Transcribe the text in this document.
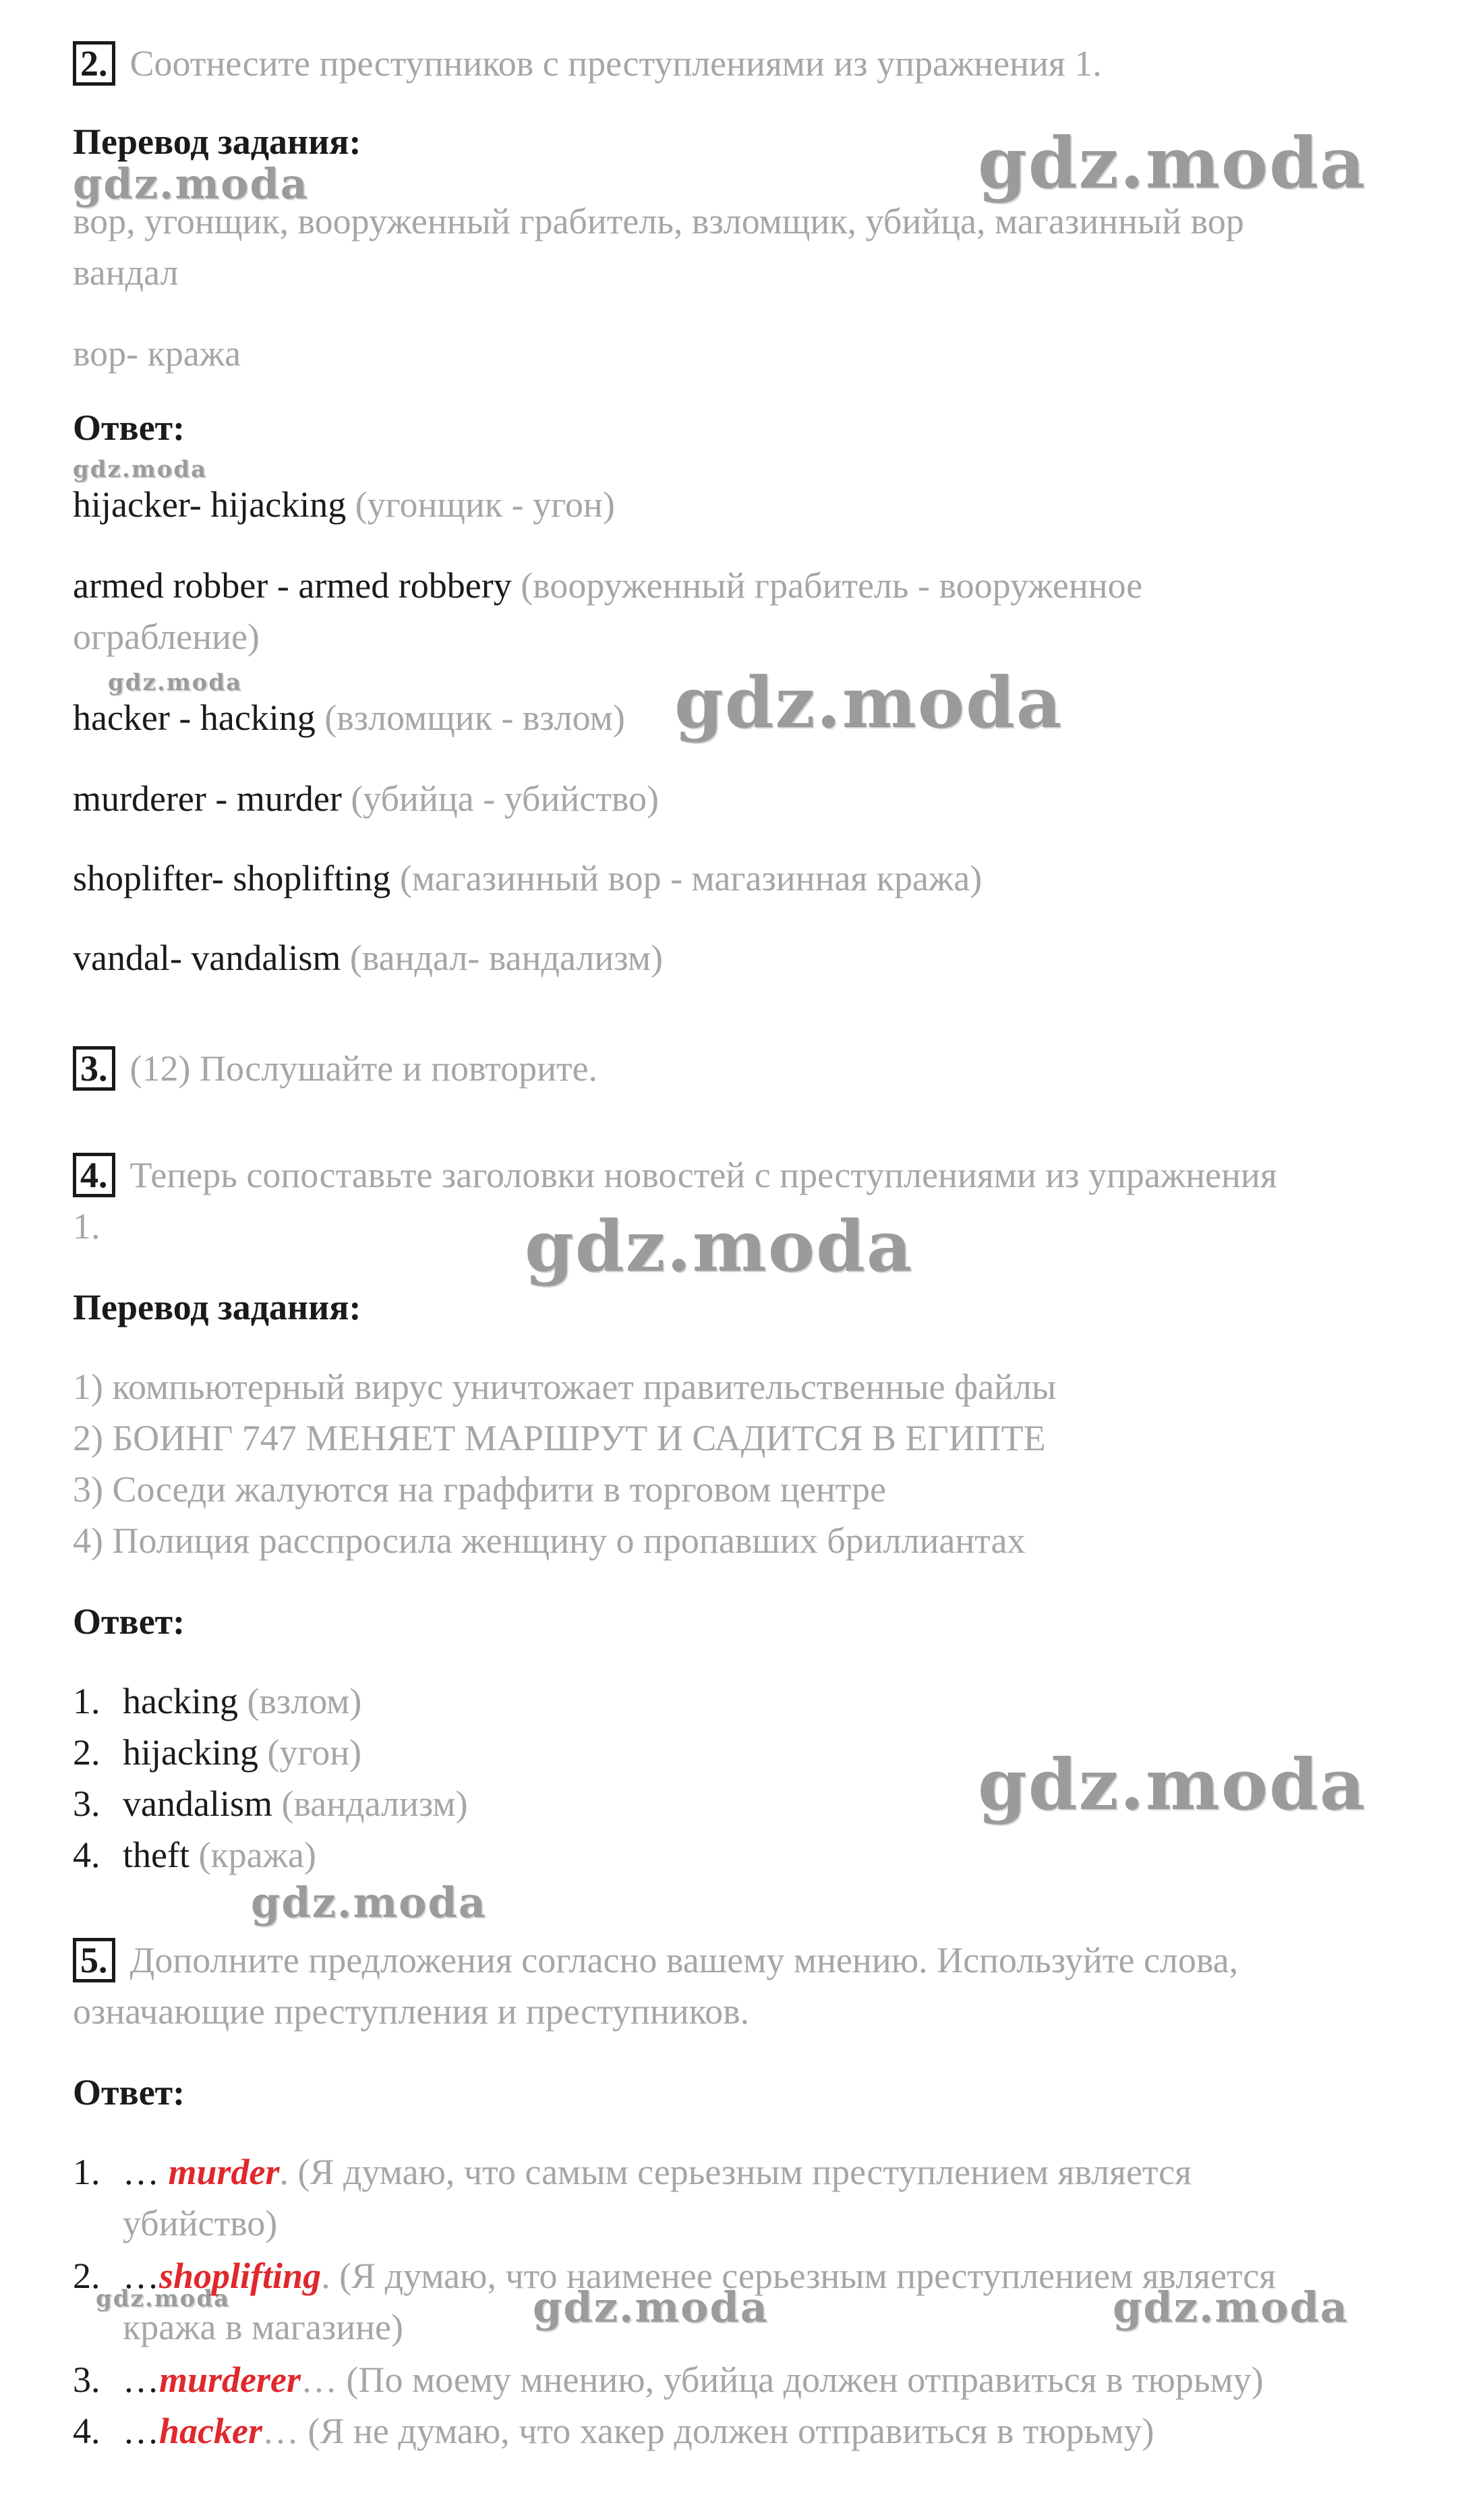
2. Соотнесите преступников с преступлениями из упражнения 1.
Перевод задания:
вор, угонщик, вооруженный грабитель, взломщик, убийца, магазинный вор
вандал
вор- кража
Ответ:
hijacker- hijacking (угонщик - угон)
armed robber - armed robbery (вооруженный грабитель - вооруженное
ограбление)
hacker - hacking (взломщик - взлом)
murderer - murder (убийца - убийство)
shoplifter- shoplifting (магазинный вор - магазинная кража)
vandal- vandalism (вандал- вандализм)
3. (12) Послушайте и повторите.
4. Теперь сопоставьте заголовки новостей с преступлениями из упражнения
1.
Перевод задания:
1) компьютерный вирус уничтожает правительственные файлы
2) БОИНГ 747 МЕНЯЕТ МАРШРУТ И САДИТСЯ В ЕГИПТЕ
3) Соседи жалуются на граффити в торговом центре
4) Полиция расспросила женщину о пропавших бриллиантах
Ответ:
1. hacking (взлом)
2. hijacking (угон)
3. vandalism (вандализм)
4. theft (кража)
5. Дополните предложения согласно вашему мнению. Используйте слова,
означающие преступления и преступников.
Ответ:
1. … murder. (Я думаю, что самым серьезным преступлением является
убийство)
2. …shoplifting. (Я думаю, что наименее серьезным преступлением является
кража в магазине)
3. …murderer… (По моему мнению, убийца должен отправиться в тюрьму)
4. …hacker… (Я не думаю, что хакер должен отправиться в тюрьму)
gdz.moda
gdz.moda
gdz.moda
gdz.moda	gdz.moda
gdz.moda
gdz.moda
gdz.moda
gdz.moda	gdz.moda	gdz.moda
